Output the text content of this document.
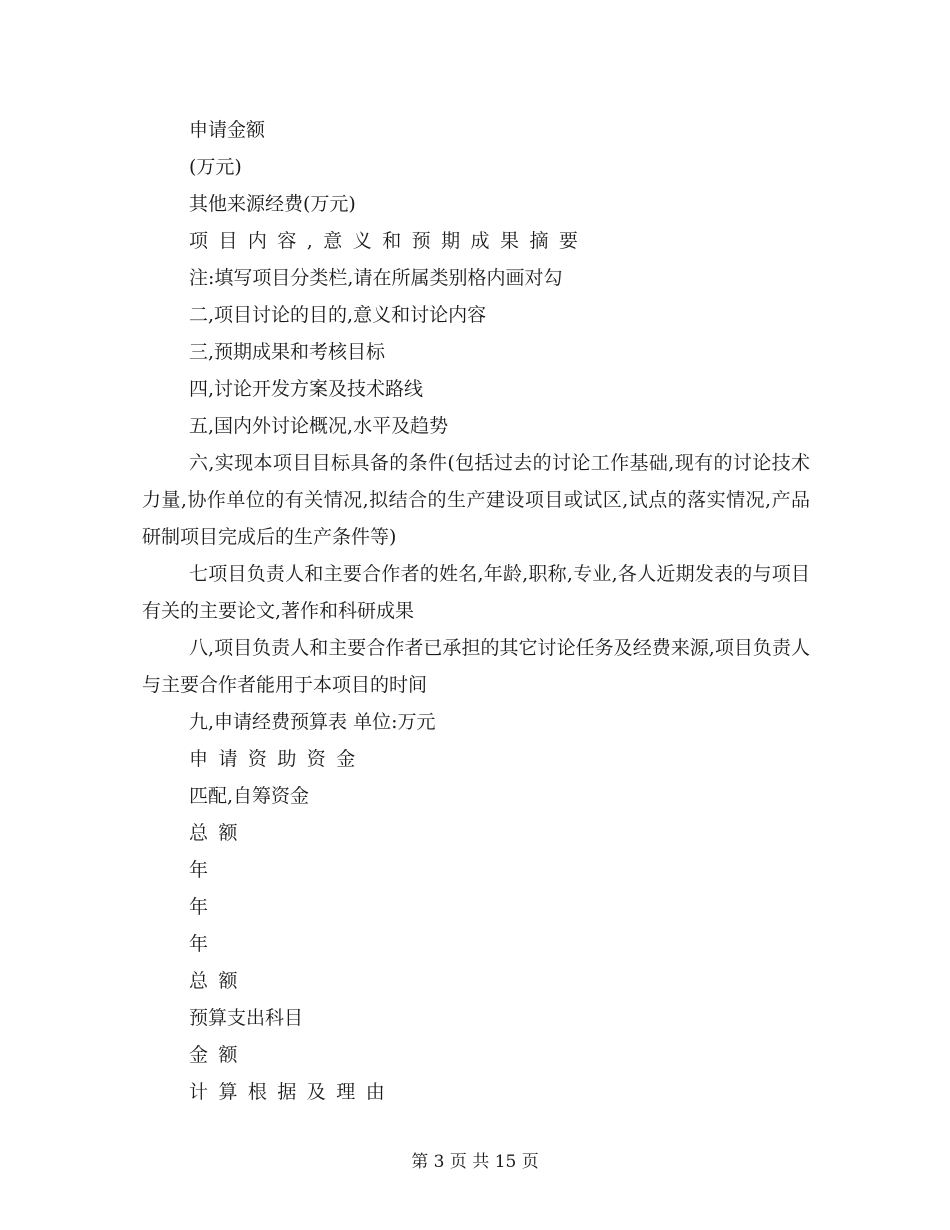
申请金额
(万元)
其他来源经费(万元)
项目内容,意义和预期成果摘要
注:填写项目分类栏,请在所属类别格内画对勾
二,项目讨论的目的,意义和讨论内容
三,预期成果和考核目标
四,讨论开发方案及技术路线
五,国内外讨论概况,水平及趋势

六,实现本项目目标具备的条件(包括过去的讨论工作基础,现有的讨论技术力量,协作单位的有关情况,拟结合的生产建设项目或试区,试点的落实情况,产品研制项目完成后的生产条件等)

七项目负责人和主要合作者的姓名,年龄,职称,专业,各人近期发表的与项目有关的主要论文,著作和科研成果

八,项目负责人和主要合作者已承担的其它讨论任务及经费来源,项目负责人与主要合作者能用于本项目的时间

九,申请经费预算表 单位:万元
申请资助资金
匹配,自筹资金
总额
年
年
年
总额
预算支出科目
金额
计算根据及理由
第 3 页 共 15 页
